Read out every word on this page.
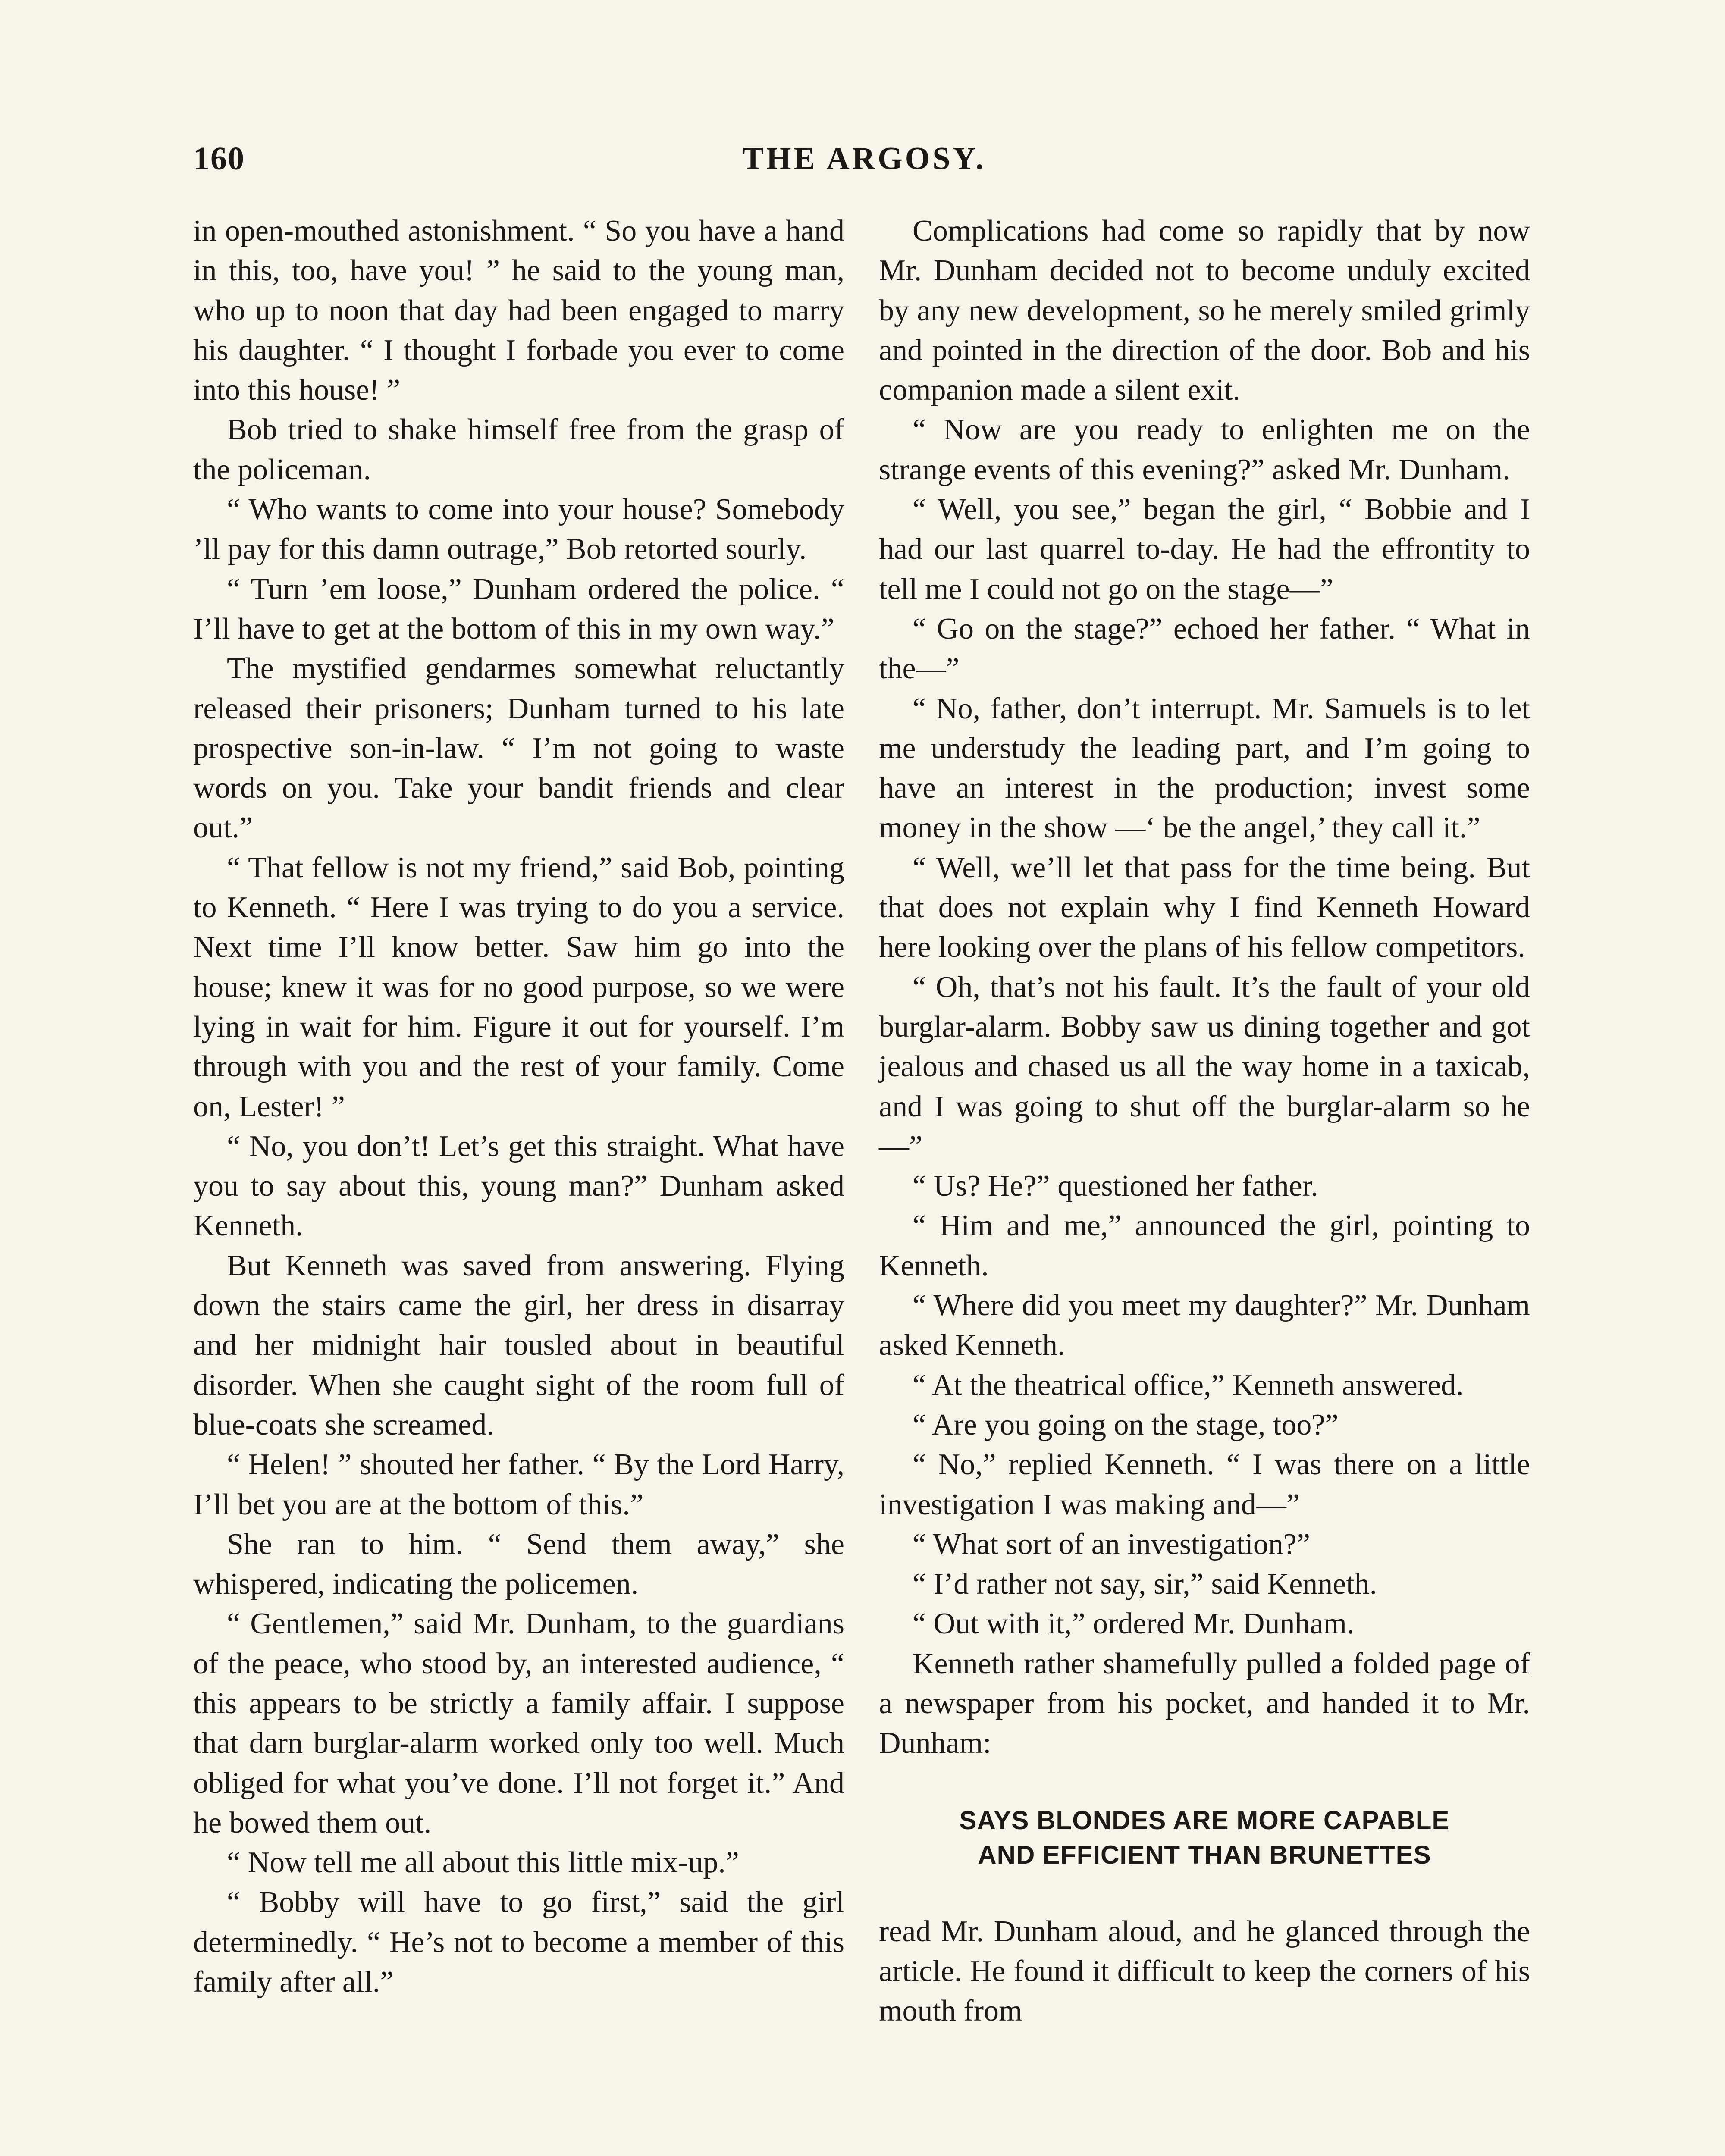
160	THE ARGOSY.

in open-mouthed astonishment. “ So you have a hand in this, too, have you! ” he said to the young man, who up to noon that day had been engaged to marry his daughter. “ I thought I forbade you ever to come into this house! ”

Bob tried to shake himself free from the grasp of the policeman.

“ Who wants to come into your house? Somebody ’ll pay for this damn outrage,” Bob retorted sourly.

“ Turn ’em loose,” Dunham ordered the police. “ I’ll have to get at the bottom of this in my own way.”

The mystified gendarmes somewhat reluctantly released their prisoners; Dunham turned to his late prospective son-in-law. “ I’m not going to waste words on you. Take your bandit friends and clear out.”

“ That fellow is not my friend,” said Bob, pointing to Kenneth. “ Here I was trying to do you a service. Next time I’ll know better. Saw him go into the house; knew it was for no good purpose, so we were lying in wait for him. Figure it out for yourself. I’m through with you and the rest of your family. Come on, Lester! ”

“ No, you don’t! Let’s get this straight. What have you to say about this, young man?” Dunham asked Kenneth.

But Kenneth was saved from answering. Flying down the stairs came the girl, her dress in disarray and her midnight hair tousled about in beautiful disorder. When she caught sight of the room full of blue-coats she screamed.

“ Helen! ” shouted her father. “ By the Lord Harry, I’ll bet you are at the bottom of this.”

She ran to him. “ Send them away,” she whispered, indicating the policemen.

“ Gentlemen,” said Mr. Dunham, to the guardians of the peace, who stood by, an interested audience, “ this appears to be strictly a family affair. I suppose that darn burglar-alarm worked only too well. Much obliged for what you’ve done. I’ll not forget it.” And he bowed them out.

“ Now tell me all about this little mix-up.”

“ Bobby will have to go first,” said the girl determinedly. “ He’s not to become a member of this family after all.”

Complications had come so rapidly that by now Mr. Dunham decided not to become unduly excited by any new development, so he merely smiled grimly and pointed in the direction of the door. Bob and his companion made a silent exit.

“ Now are you ready to enlighten me on the strange events of this evening?” asked Mr. Dunham.

“ Well, you see,” began the girl, “ Bobbie and I had our last quarrel to-day. He had the effrontity to tell me I could not go on the stage—”

“ Go on the stage?” echoed her father. “ What in the—”

“ No, father, don’t interrupt. Mr. Samuels is to let me understudy the leading part, and I’m going to have an interest in the production; invest some money in the show —‘ be the angel,’ they call it.”

“ Well, we’ll let that pass for the time being. But that does not explain why I find Kenneth Howard here looking over the plans of his fellow competitors.

“ Oh, that’s not his fault. It’s the fault of your old burglar-alarm. Bobby saw us dining together and got jealous and chased us all the way home in a taxicab, and I was going to shut off the burglar-alarm so he—”

“ Us? He?” questioned her father.

“ Him and me,” announced the girl, pointing to Kenneth.

“ Where did you meet my daughter?” Mr. Dunham asked Kenneth.

“ At the theatrical office,” Kenneth answered.

“ Are you going on the stage, too?”

“ No,” replied Kenneth. “ I was there on a little investigation I was making and—”

“ What sort of an investigation?”

“ I’d rather not say, sir,” said Kenneth.

“ Out with it,” ordered Mr. Dunham.

Kenneth rather shamefully pulled a folded page of a newspaper from his pocket, and handed it to Mr. Dunham:

SAYS BLONDES ARE MORE CAPABLE
AND EFFICIENT THAN BRUNETTES

read Mr. Dunham aloud, and he glanced through the article. He found it difficult to keep the corners of his mouth from
